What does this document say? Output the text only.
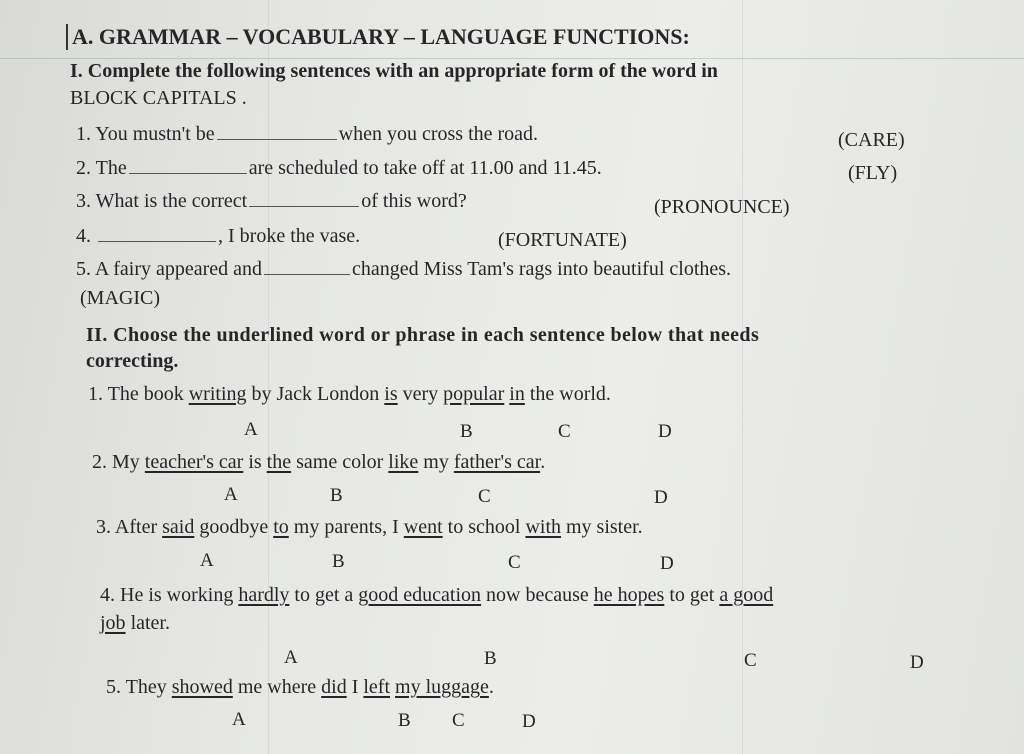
A. GRAMMAR – VOCABULARY – LANGUAGE FUNCTIONS:
I. Complete the following sentences with an appropriate form of the word in
BLOCK CAPITALS .
1. You mustn't be	when you cross the road.	(CARE)
2. The	are scheduled to take off at 11.00 and 11.45.	(FLY)
3. What is the correct	of this word?	(PRONOUNCE)
4.	, I broke the vase.	(FORTUNATE)
5. A fairy appeared and	changed Miss Tam's rags into beautiful clothes.
(MAGIC)
II. Choose the underlined word or phrase in each sentence below that needs
correcting.
1. The book writing by Jack London is very popular in the world.
A	B	C	D
2. My teacher's car is the same color like my father's car.
A	B	C	D
3. After said goodbye to my parents, I went to school with my sister.
A	B	C	D
4. He is working hardly to get a good education now because he hopes to get a good
job later.
A	B	C	D
5. They showed me where did I left my luggage.
A	B C	D
